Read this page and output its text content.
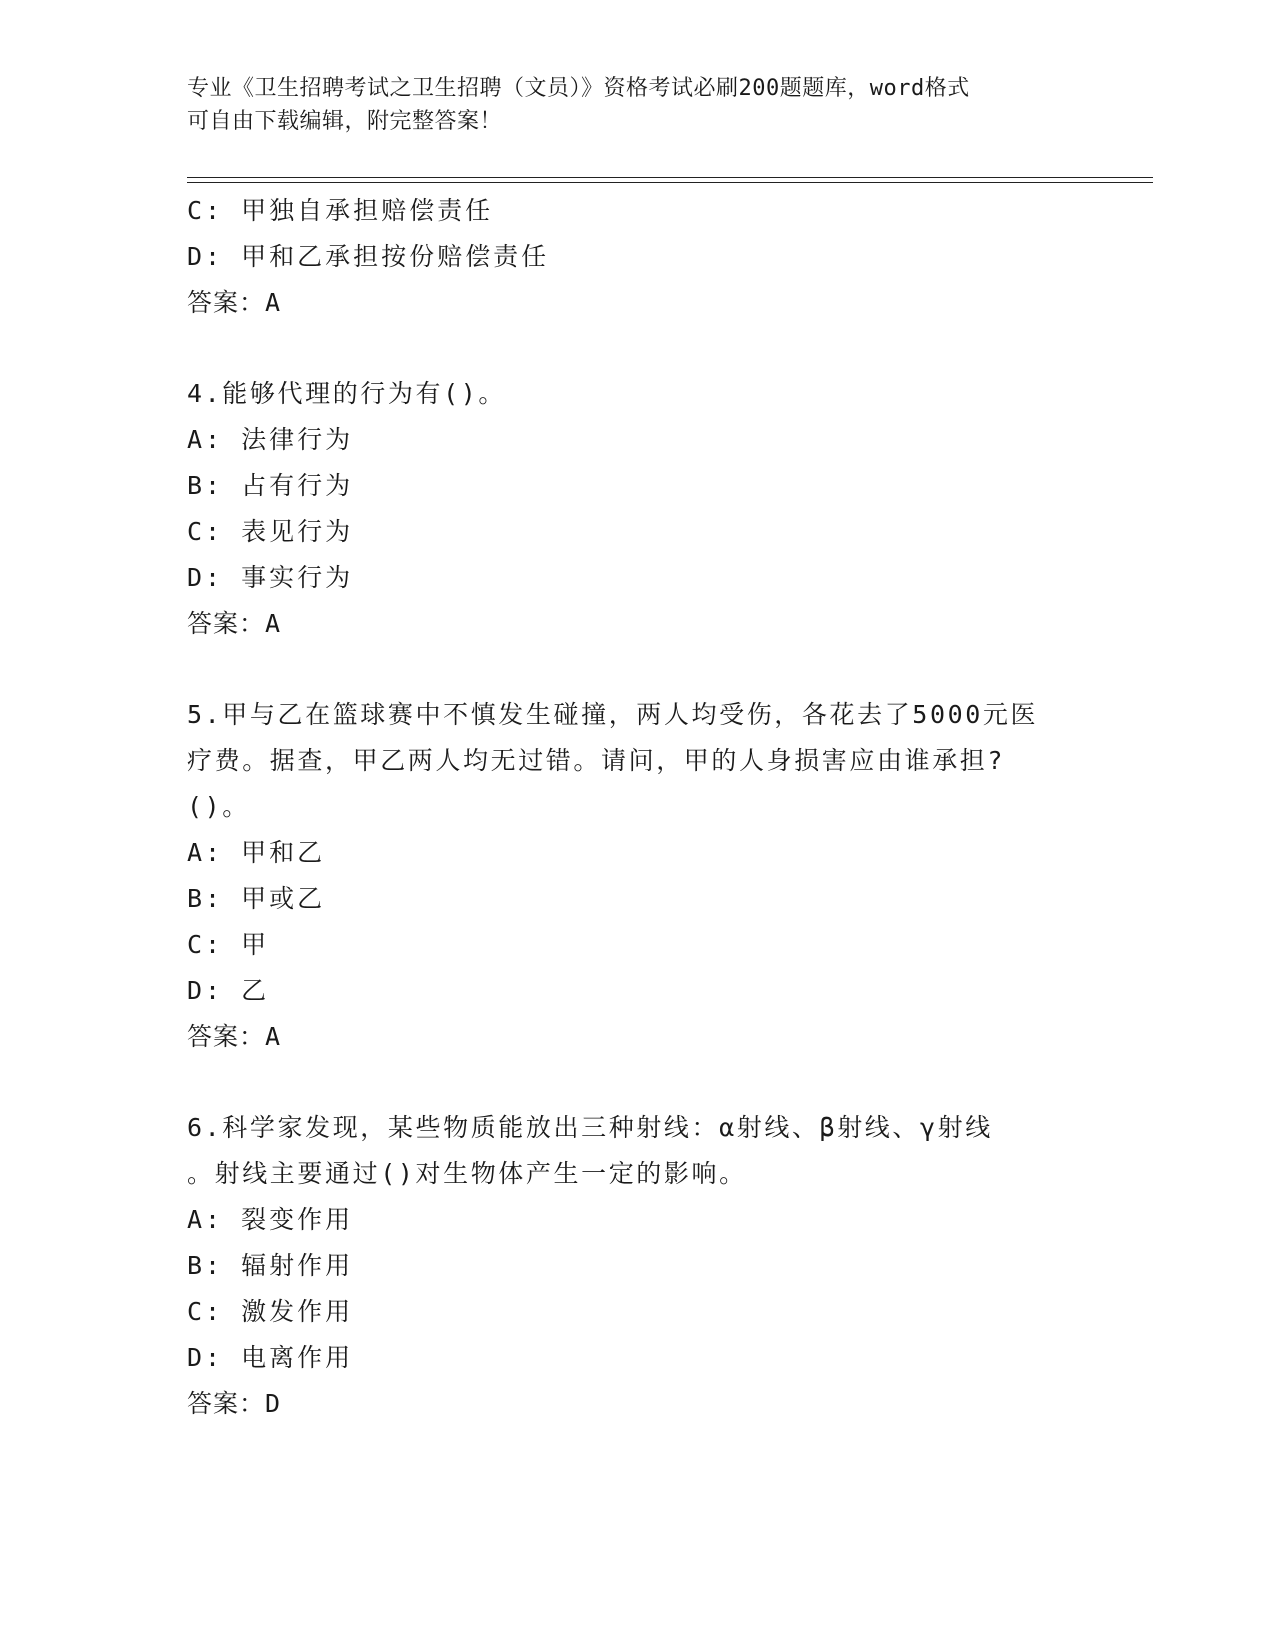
专业《卫生招聘考试之卫生招聘（文员）》资格考试必刷200题题库，word格式
可自由下载编辑，附完整答案！
C: 甲独自承担赔偿责任
D: 甲和乙承担按份赔偿责任
答案：A
4.能够代理的行为有()。
A: 法律行为
B: 占有行为
C: 表见行为
D: 事实行为
答案：A
5.甲与乙在篮球赛中不慎发生碰撞，两人均受伤，各花去了5000元医
疗费。据查，甲乙两人均无过错。请问，甲的人身损害应由谁承担?
()。
A: 甲和乙
B: 甲或乙
C: 甲
D: 乙
答案：A
6.科学家发现，某些物质能放出三种射线：α射线、β射线、γ射线
。射线主要通过()对生物体产生一定的影响。
A: 裂变作用
B: 辐射作用
C: 激发作用
D: 电离作用
答案：D
